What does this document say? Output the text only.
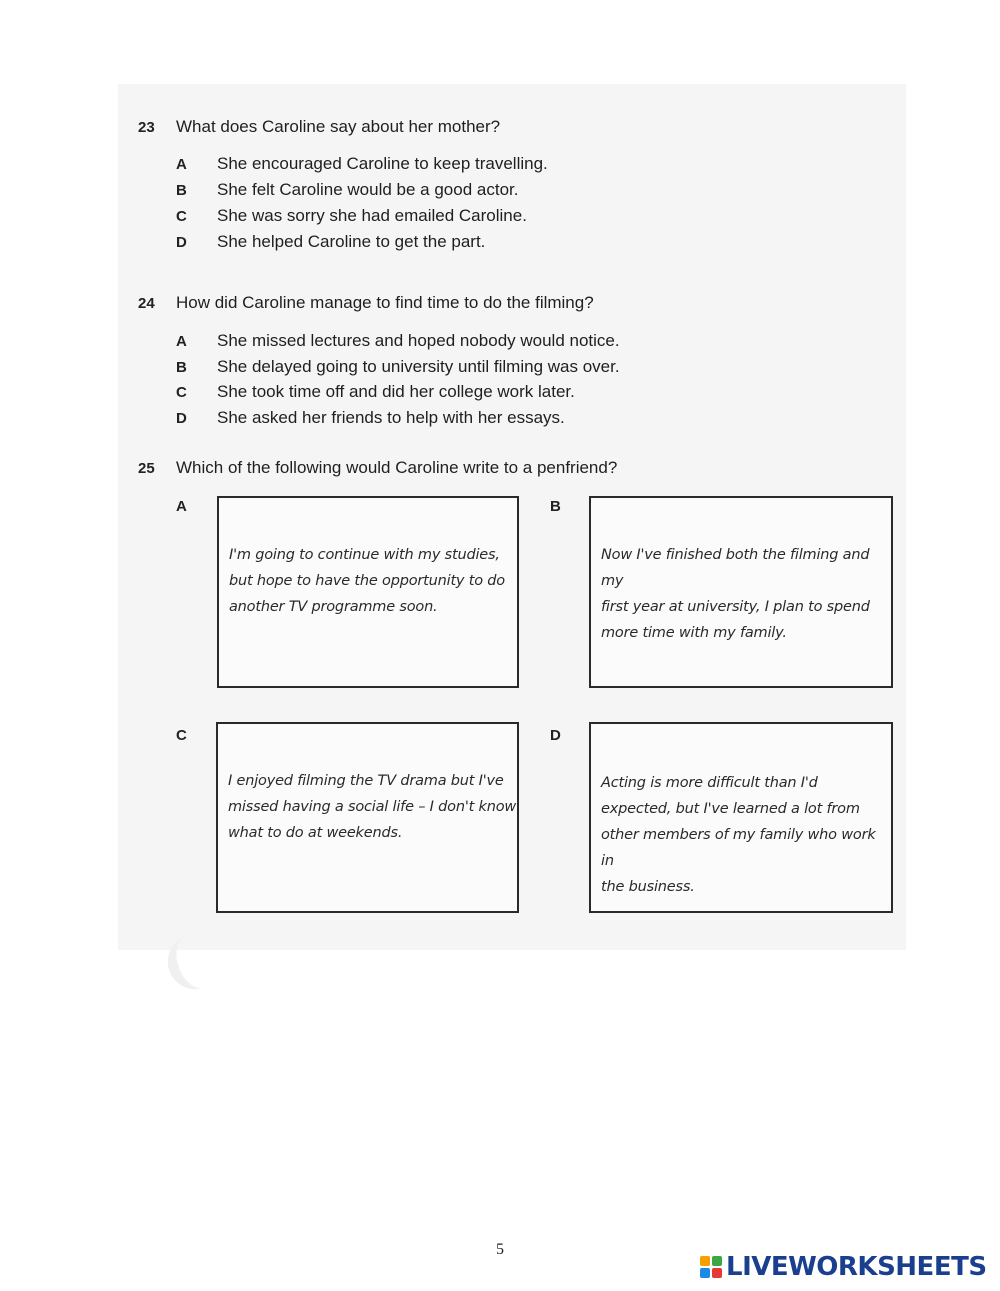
23 What does Caroline say about her mother?
A She encouraged Caroline to keep travelling.
B She felt Caroline would be a good actor.
C She was sorry she had emailed Caroline.
D She helped Caroline to get the part.
24 How did Caroline manage to find time to do the filming?
A She missed lectures and hoped nobody would notice.
B She delayed going to university until filming was over.
C She took time off and did her college work later.
D She asked her friends to help with her essays.
25 Which of the following would Caroline write to a penfriend?
A
I'm going to continue with my studies,
but hope to have the opportunity to do
another TV programme soon.
B
Now I've finished both the filming and my
first year at university, I plan to spend
more time with my family.
C
I enjoyed filming the TV drama but I've
missed having a social life – I don't know
what to do at weekends.
D
Acting is more difficult than I'd
expected, but I've learned a lot from
other members of my family who work in
the business.
5
LIVEWORKSHEETS
